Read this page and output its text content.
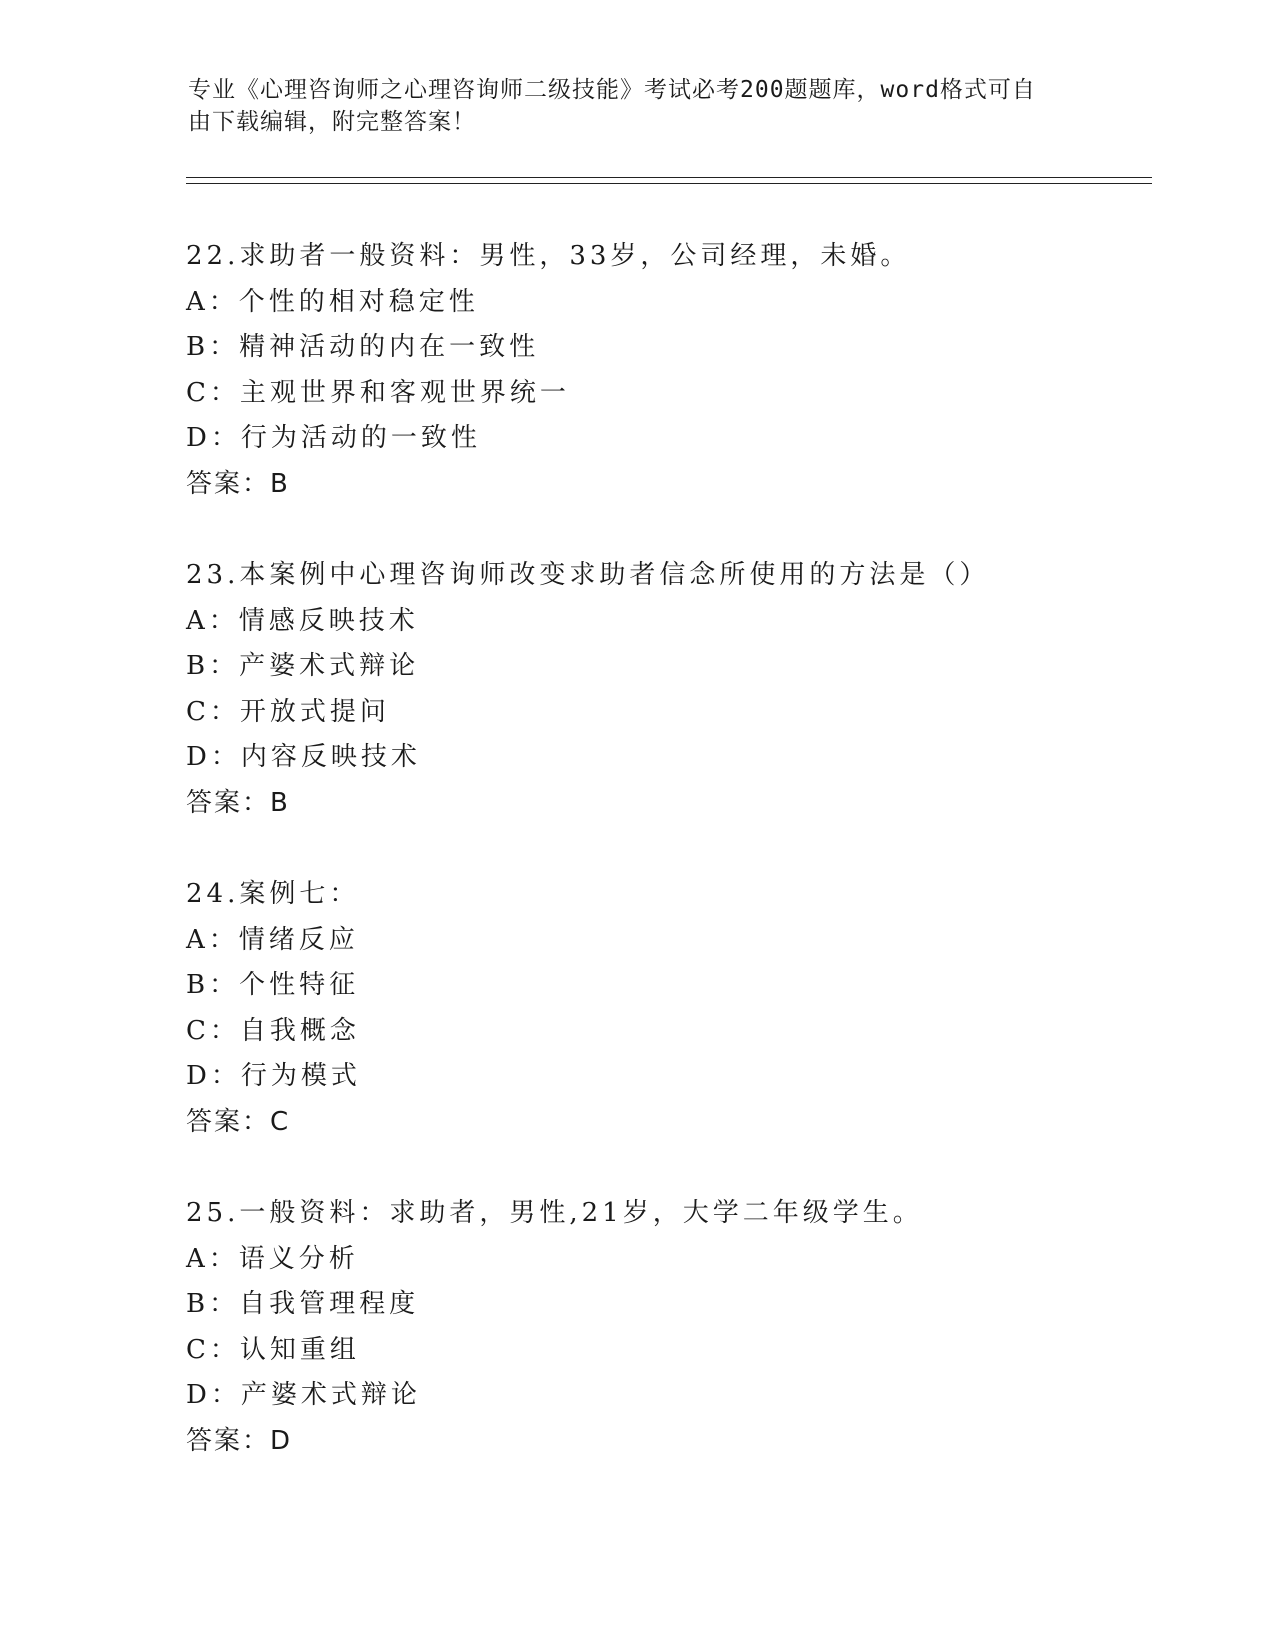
专业《心理咨询师之心理咨询师二级技能》考试必考200题题库，word格式可自
由下载编辑，附完整答案！
22.求助者一般资料：男性，33岁，公司经理，未婚。
A：个性的相对稳定性
B：精神活动的内在一致性
C：主观世界和客观世界统一
D：行为活动的一致性
答案：B
23.本案例中心理咨询师改变求助者信念所使用的方法是（）
A：情感反映技术
B：产婆术式辩论
C：开放式提问
D：内容反映技术
答案：B
24.案例七：
A：情绪反应
B：个性特征
C：自我概念
D：行为模式
答案：C
25.一般资料：求助者，男性,21岁，大学二年级学生。
A：语义分析
B：自我管理程度
C：认知重组
D：产婆术式辩论
答案：D
